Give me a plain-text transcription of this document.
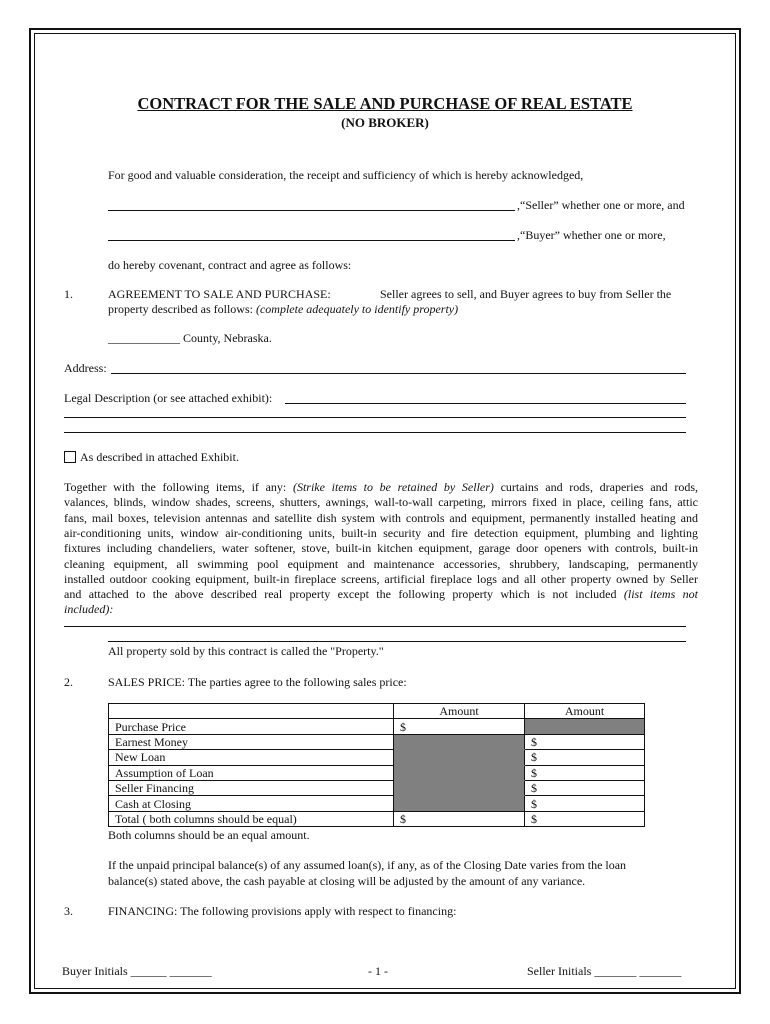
CONTRACT FOR THE SALE AND PURCHASE OF REAL ESTATE
(NO BROKER)
For good and valuable consideration, the receipt and sufficiency of which is hereby acknowledged,
,“Seller” whether one or more, and
,“Buyer” whether one or more,
do hereby covenant, contract and agree as follows:
1.	AGREEMENT TO SALE AND PURCHASE:	Seller agrees to sell, and Buyer agrees to buy from Seller the
property described as follows: (complete adequately to identify property)
____________ County, Nebraska.
Address:
Legal Description (or see attached exhibit):
As described in attached Exhibit.
Together with the following items, if any: (Strike items to be retained by Seller) curtains and rods, draperies and rods,
valances, blinds, window shades, screens, shutters, awnings, wall-to-wall carpeting, mirrors fixed in place, ceiling fans, attic
fans, mail boxes, television antennas and satellite dish system with controls and equipment, permanently installed heating and
air-conditioning units, window air-conditioning units, built-in security and fire detection equipment, plumbing and lighting
fixtures including chandeliers, water softener, stove, built-in kitchen equipment, garage door openers with controls, built-in
cleaning equipment, all swimming pool equipment and maintenance accessories, shrubbery, landscaping, permanently
installed outdoor cooking equipment, built-in fireplace screens, artificial fireplace logs and all other property owned by Seller
and attached to the above described real property except the following property which is not included (list items not
included):
All property sold by this contract is called the "Property."
2.	SALES PRICE: The parties agree to the following sales price:
	Amount	Amount
Purchase Price	$	
Earnest Money		$
New Loan		$
Assumption of Loan		$
Seller Financing		$
Cash at Closing		$
Total ( both columns should be equal)	$	$
Both columns should be an equal amount.
If the unpaid principal balance(s) of any assumed loan(s), if any, as of the Closing Date varies from the loan
balance(s) stated above, the cash payable at closing will be adjusted by the amount of any variance.
3.	FINANCING: The following provisions apply with respect to financing:
Buyer Initials ______ _______	- 1 -	Seller Initials _______ _______
